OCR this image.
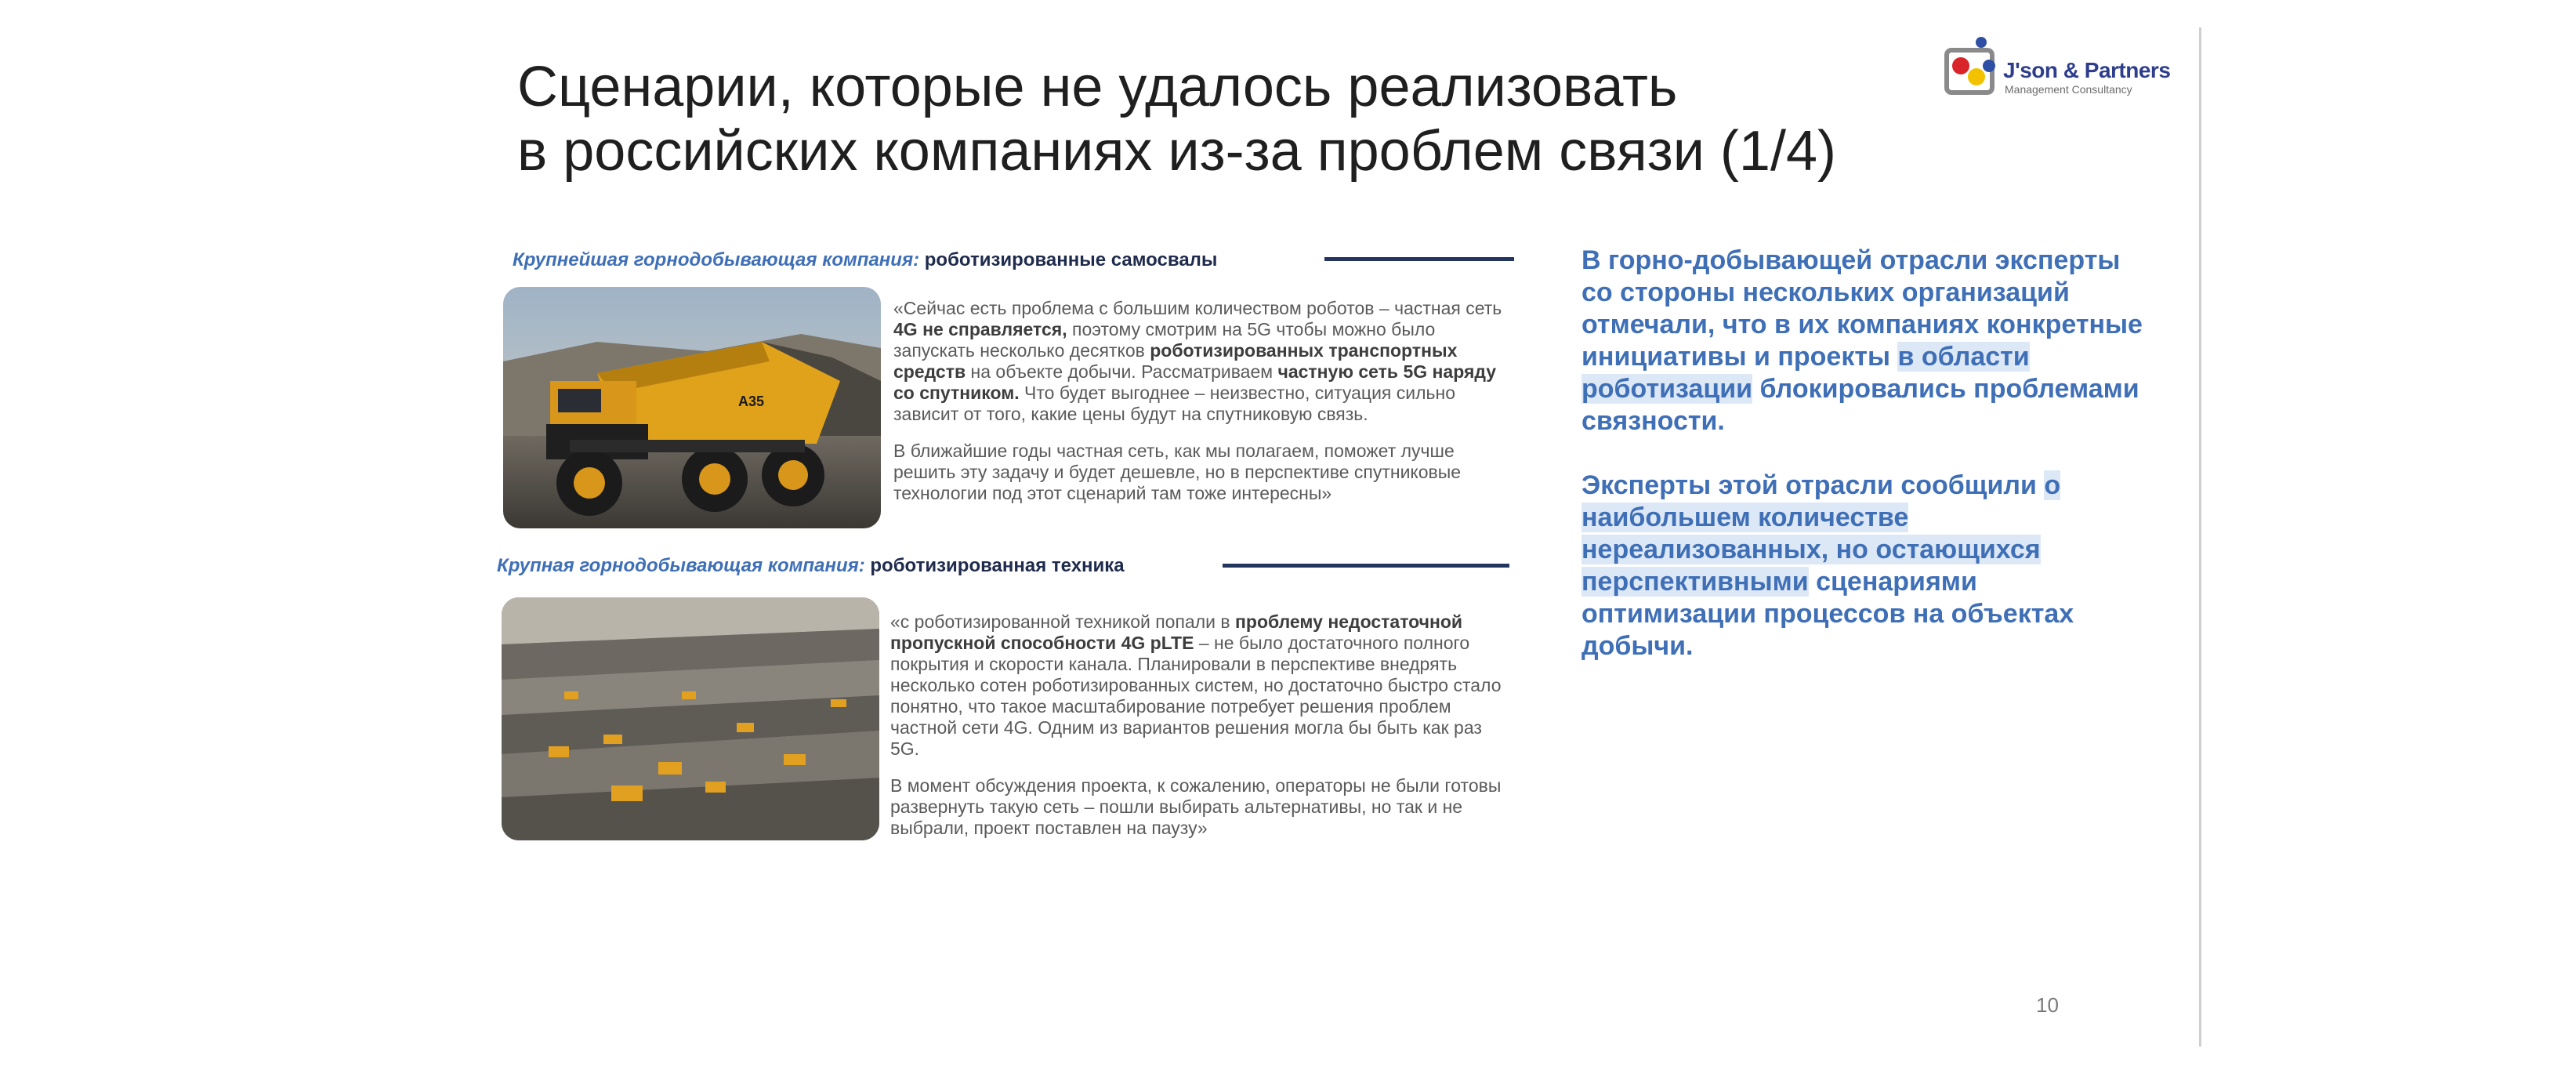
J'son & Partners
Management Consultancy
Сценарии, которые не удалось реализовать
в российских компаниях из-за проблем связи (1/4)
Крупнейшая горнодобывающая компания: роботизированные самосвалы
A35

«Сейчас есть проблема с большим количеством роботов – частная сеть 4G не справляется, поэтому смотрим на 5G чтобы можно было запускать несколько десятков роботизированных транспортных средств на объекте добычи. Рассматриваем частную сеть 5G наряду со спутником. Что будет выгоднее – неизвестно, ситуация сильно зависит от того, какие цены будут на спутниковую связь.

В ближайшие годы частная сеть, как мы полагаем, поможет лучше решить эту задачу и будет дешевле, но в перспективе спутниковые технологии под этот сценарий там тоже интересны»

Крупная горнодобывающая компания: роботизированная техника

«с роботизированной техникой попали в проблему недостаточной пропускной способности 4G pLTE – не было достаточного полного покрытия и скорости канала. Планировали в перспективе внедрять несколько сотен роботизированных систем, но достаточно быстро стало понятно, что такое масштабирование потребует решения проблем частной сети 4G. Одним из вариантов решения могла бы быть как раз 5G.

В момент обсуждения проекта, к сожалению, операторы не были готовы развернуть такую сеть – пошли выбирать альтернативы, но так и не выбрали, проект поставлен на паузу»

В горно-добывающей отрасли эксперты со стороны нескольких организаций отмечали, что в их компаниях конкретные инициативы и проекты в области роботизации блокировались проблемами связности.

Эксперты этой отрасли сообщили о наибольшем количестве нереализованных, но остающихся перспективными сценариями оптимизации процессов на объектах добычи.

10
